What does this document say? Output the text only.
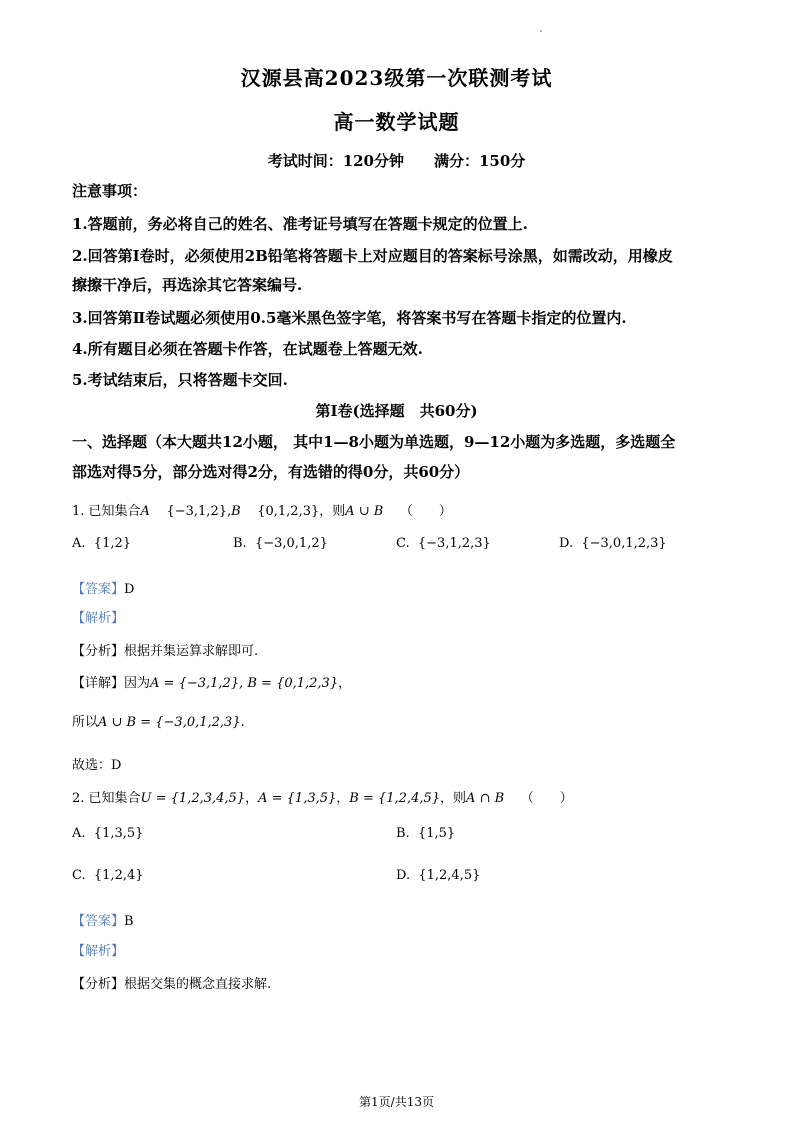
汉源县高2023级第一次联测考试
高一数学试题
考试时间：120分钟 满分：150分
注意事项：
1.答题前，务必将自己的姓名、准考证号填写在答题卡规定的位置上.
2.回答第Ⅰ卷时，必须使用2B铅笔将答题卡上对应题目的答案标号涂黑，如需改动，用橡皮
擦擦干净后，再选涂其它答案编号.
3.回答第Ⅱ卷试题必须使用0.5毫米黑色签字笔，将答案书写在答题卡指定的位置内.
4.所有题目必须在答题卡作答，在试题卷上答题无效.
5.考试结束后，只将答题卡交回.
第Ⅰ卷(选择题　共60分)
一、选择题（本大题共12小题， 其中1—8小题为单选题，9—12小题为多选题，多选题全
部选对得5分，部分选对得2分，有选错的得0分，共60分）
1. 已知集合A {−3,1,2},B {0,1,2,3}，则A ∪ B （　　）
A. {1,2}	B. {−3,0,1,2}	C. {−3,1,2,3}	D. {−3,0,1,2,3}
【答案】D
【解析】
【分析】根据并集运算求解即可.
【详解】因为A = {−3,1,2}, B = {0,1,2,3}，
所以A ∪ B = {−3,0,1,2,3}.
故选：D
2. 已知集合U = {1,2,3,4,5}，A = {1,3,5}，B = {1,2,4,5}，则A ∩ B （　　）
A. {1,3,5}	B. {1,5}
C. {1,2,4}	D. {1,2,4,5}
【答案】B
【解析】
【分析】根据交集的概念直接求解.
第1页/共13页
